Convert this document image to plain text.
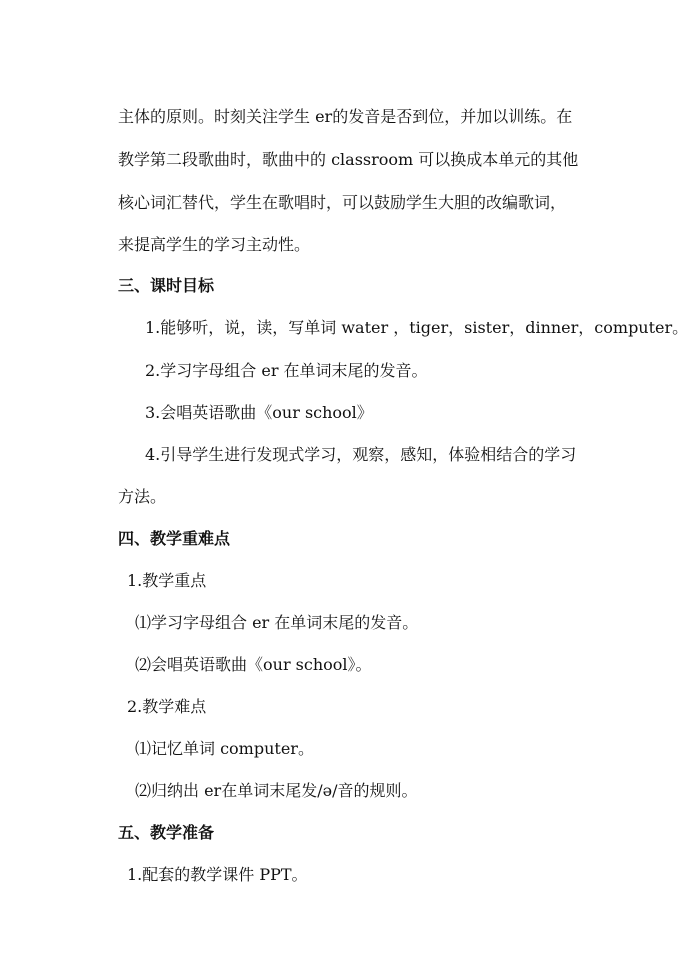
主体的原则。时刻关注学生 er的发音是否到位，并加以训练。在
教学第二段歌曲时，歌曲中的 classroom 可以换成本单元的其他
核心词汇替代，学生在歌唱时，可以鼓励学生大胆的改编歌词，
来提高学生的学习主动性。
三、课时目标
1.能够听，说，读，写单词 water ，tiger，sister，dinner，computer。
2.学习字母组合 er 在单词末尾的发音。
3.会唱英语歌曲《our school》
4.引导学生进行发现式学习，观察，感知，体验相结合的学习
方法。
四、教学重难点
1.教学重点
⑴学习字母组合 er 在单词末尾的发音。
⑵会唱英语歌曲《our school》。
2.教学难点
⑴记忆单词 computer。
⑵归纳出 er在单词末尾发/ə/音的规则。
五、教学准备
1.配套的教学课件 PPT。
